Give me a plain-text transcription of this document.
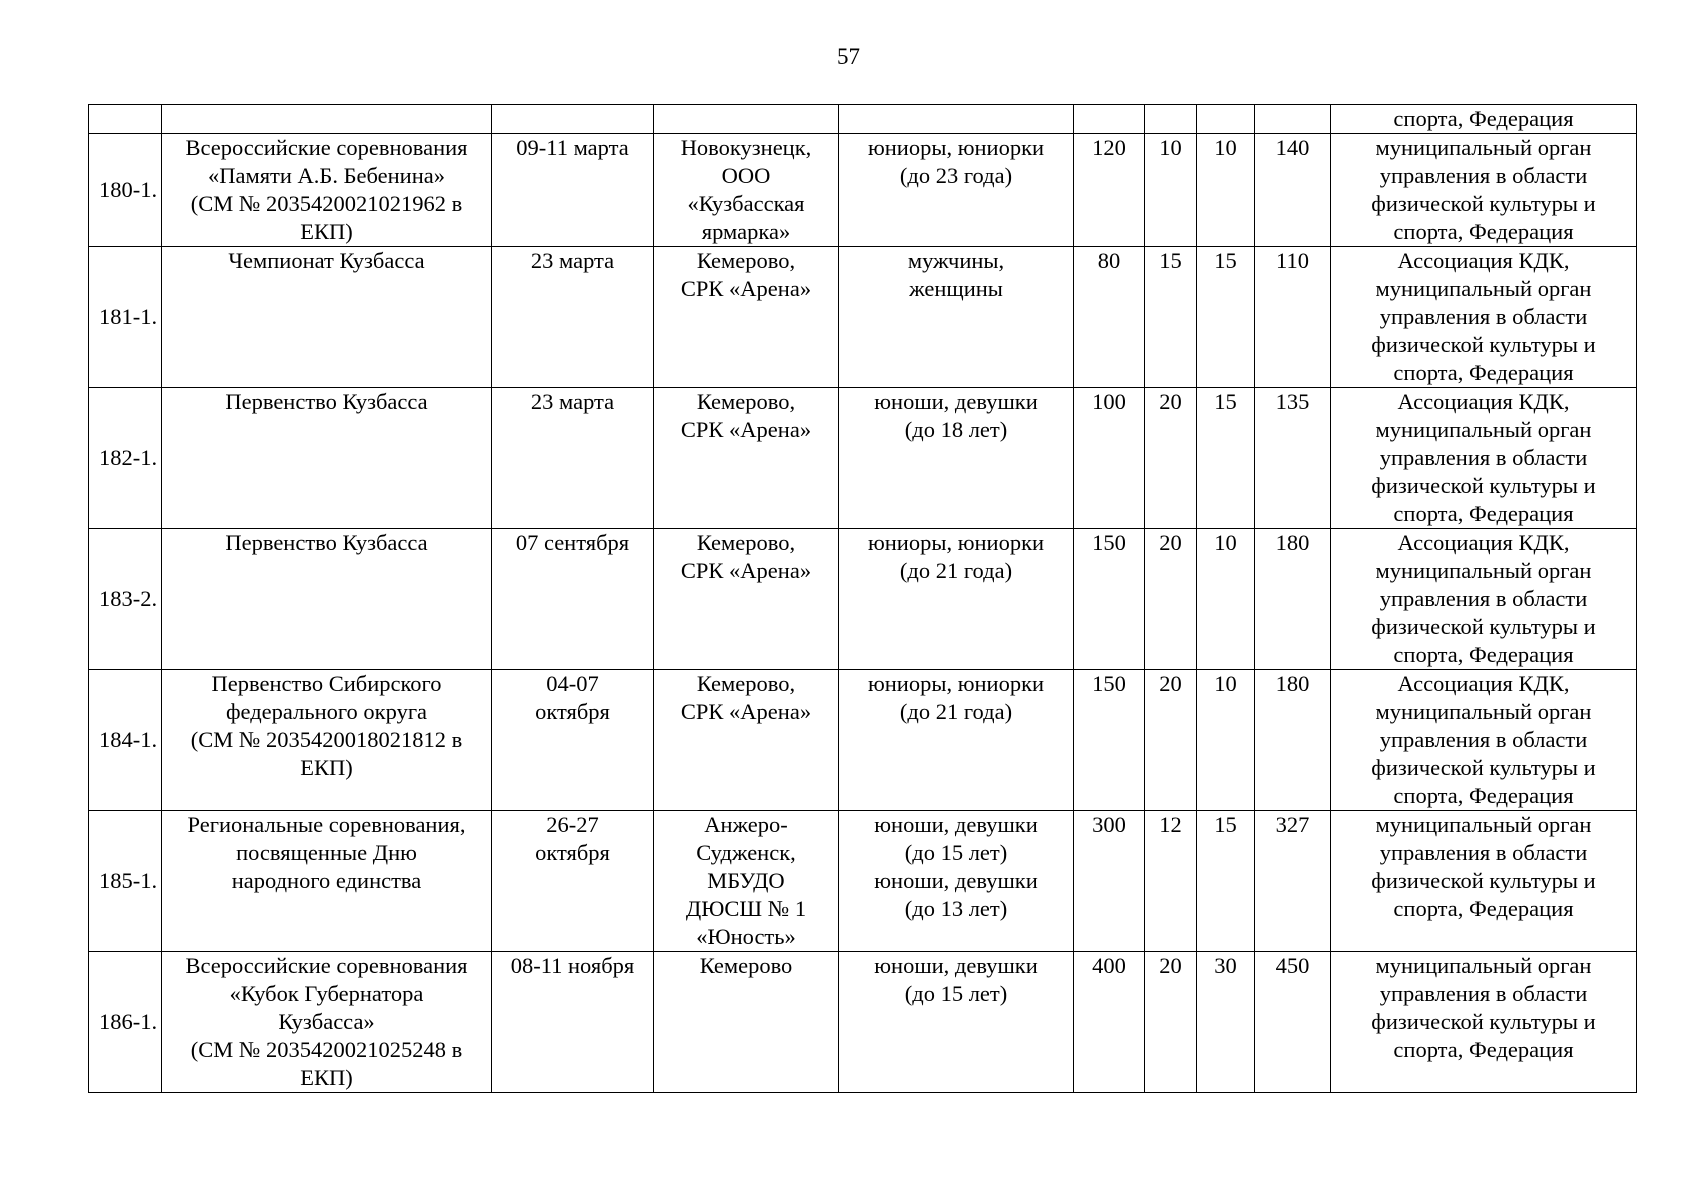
57
									спорта, Федерация
180-1.	Всероссийские соревнования
«Памяти А.Б. Бебенина»
(СМ № 2035420021021962 в
ЕКП)	09-11 марта	Новокузнецк,
ООО
«Кузбасская
ярмарка»	юниоры, юниорки
(до 23 года)	120	10	10	140	муниципальный орган
управления в области
физической культуры и
спорта, Федерация

181-1.	Чемпионат Кузбасса	23 марта	Кемерово,
СРК «Арена»	мужчины,
женщины	80	15	15	110	Ассоциация КДК,
муниципальный орган
управления в области
физической культуры и
спорта, Федерация

182-1.	Первенство Кузбасса	23 марта	Кемерово,
СРК «Арена»	юноши, девушки
(до 18 лет)	100	20	15	135	Ассоциация КДК,
муниципальный орган
управления в области
физической культуры и
спорта, Федерация

183-2.	Первенство Кузбасса	07 сентября	Кемерово,
СРК «Арена»	юниоры, юниорки
(до 21 года)	150	20	10	180	Ассоциация КДК,
муниципальный орган
управления в области
физической культуры и
спорта, Федерация

184-1.	Первенство Сибирского
федерального округа
(СМ № 2035420018021812 в
ЕКП)	04-07
октября	Кемерово,
СРК «Арена»	юниоры, юниорки
(до 21 года)	150	20	10	180	Ассоциация КДК,
муниципальный орган
управления в области
физической культуры и
спорта, Федерация

185-1.	Региональные соревнования,
посвященные Дню
народного единства	26-27
октября	Анжеро-
Судженск,
МБУДО
ДЮСШ № 1
«Юность»	юноши, девушки
(до 15 лет)
юноши, девушки
(до 13 лет)	300	12	15	327	муниципальный орган
управления в области
физической культуры и
спорта, Федерация

186-1.	Всероссийские соревнования
«Кубок Губернатора
Кузбасса»
(СМ № 2035420021025248 в
ЕКП)	08-11 ноября	Кемерово	юноши, девушки
(до 15 лет)	400	20	30	450	муниципальный орган
управления в области
физической культуры и
спорта, Федерация
